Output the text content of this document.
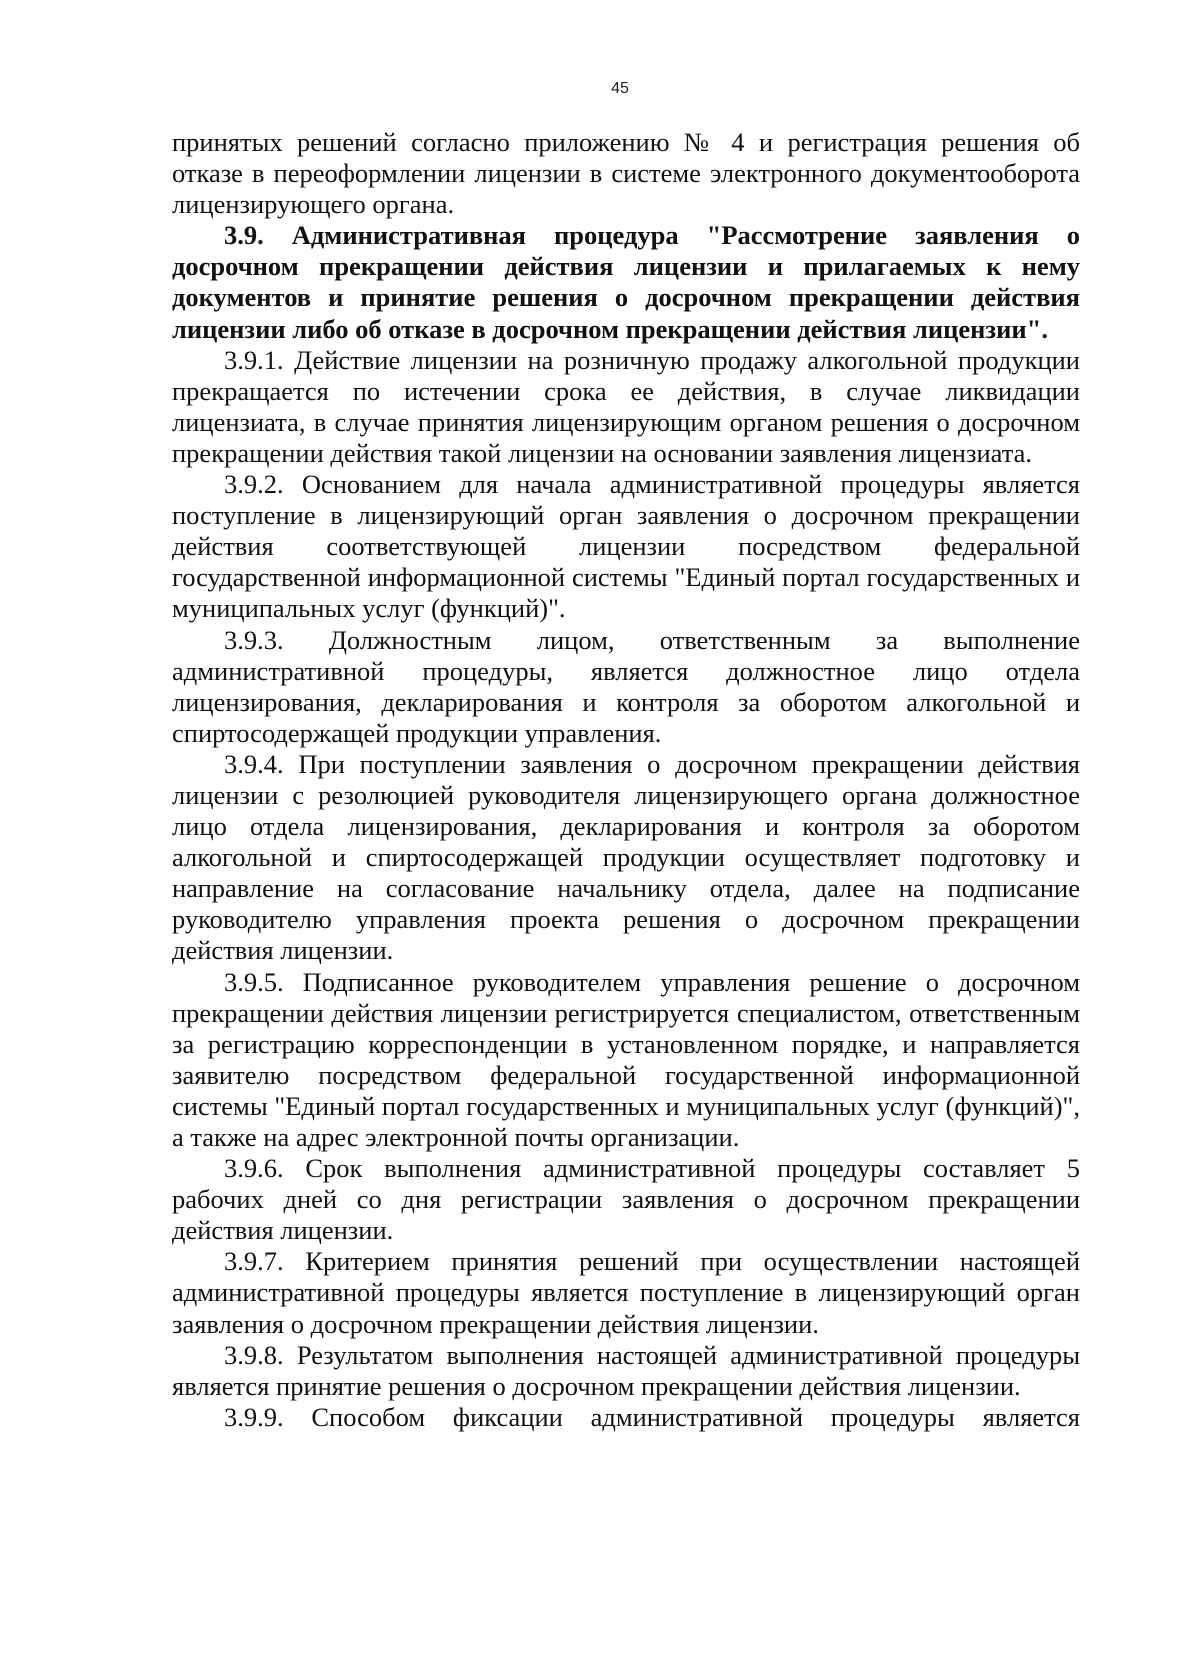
45

принятых решений согласно приложению № 4 и регистрация решения об отказе в переоформлении лицензии в системе электронного документооборота лицензирующего органа.

3.9. Административная процедура "Рассмотрение заявления о досрочном прекращении действия лицензии и прилагаемых к нему документов и принятие решения о досрочном прекращении действия лицензии либо об отказе в досрочном прекращении действия лицензии".

3.9.1. Действие лицензии на розничную продажу алкогольной продукции прекращается по истечении срока ее действия, в случае ликвидации лицензиата, в случае принятия лицензирующим органом решения о досрочном прекращении действия такой лицензии на основании заявления лицензиата.

3.9.2. Основанием для начала административной процедуры является поступление в лицензирующий орган заявления о досрочном прекращении действия соответствующей лицензии посредством федеральной государственной информационной системы "Единый портал государственных и муниципальных услуг (функций)".

3.9.3. Должностным лицом, ответственным за выполнение административной процедуры, является должностное лицо отдела лицензирования, декларирования и контроля за оборотом алкогольной и спиртосодержащей продукции управления.

3.9.4. При поступлении заявления о досрочном прекращении действия лицензии с резолюцией руководителя лицензирующего органа должностное лицо отдела лицензирования, декларирования и контроля за оборотом алкогольной и спиртосодержащей продукции осуществляет подготовку и направление на согласование начальнику отдела, далее на подписание руководителю управления проекта решения о досрочном прекращении действия лицензии.

3.9.5. Подписанное руководителем управления решение о досрочном прекращении действия лицензии регистрируется специалистом, ответственным за регистрацию корреспонденции в установленном порядке, и направляется заявителю посредством федеральной государственной информационной системы "Единый портал государственных и муниципальных услуг (функций)", а также на адрес электронной почты организации.

3.9.6. Срок выполнения административной процедуры составляет 5 рабочих дней со дня регистрации заявления о досрочном прекращении действия лицензии.

3.9.7. Критерием принятия решений при осуществлении настоящей административной процедуры является поступление в лицензирующий орган заявления о досрочном прекращении действия лицензии.

3.9.8. Результатом выполнения настоящей административной процедуры является принятие решения о досрочном прекращении действия лицензии.

3.9.9. Способом фиксации административной процедуры является
